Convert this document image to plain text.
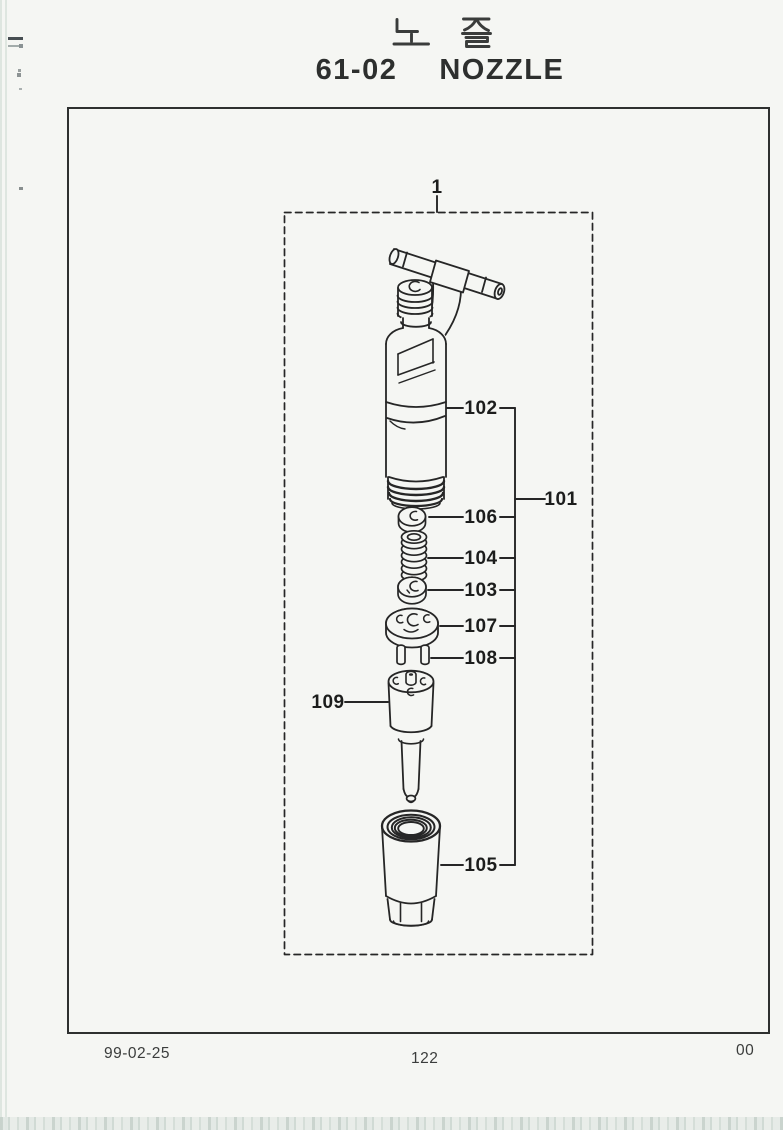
61-02 NOZZLE
1
102
101
106
104
103
107
108
109
105
99-02-25	122	00
